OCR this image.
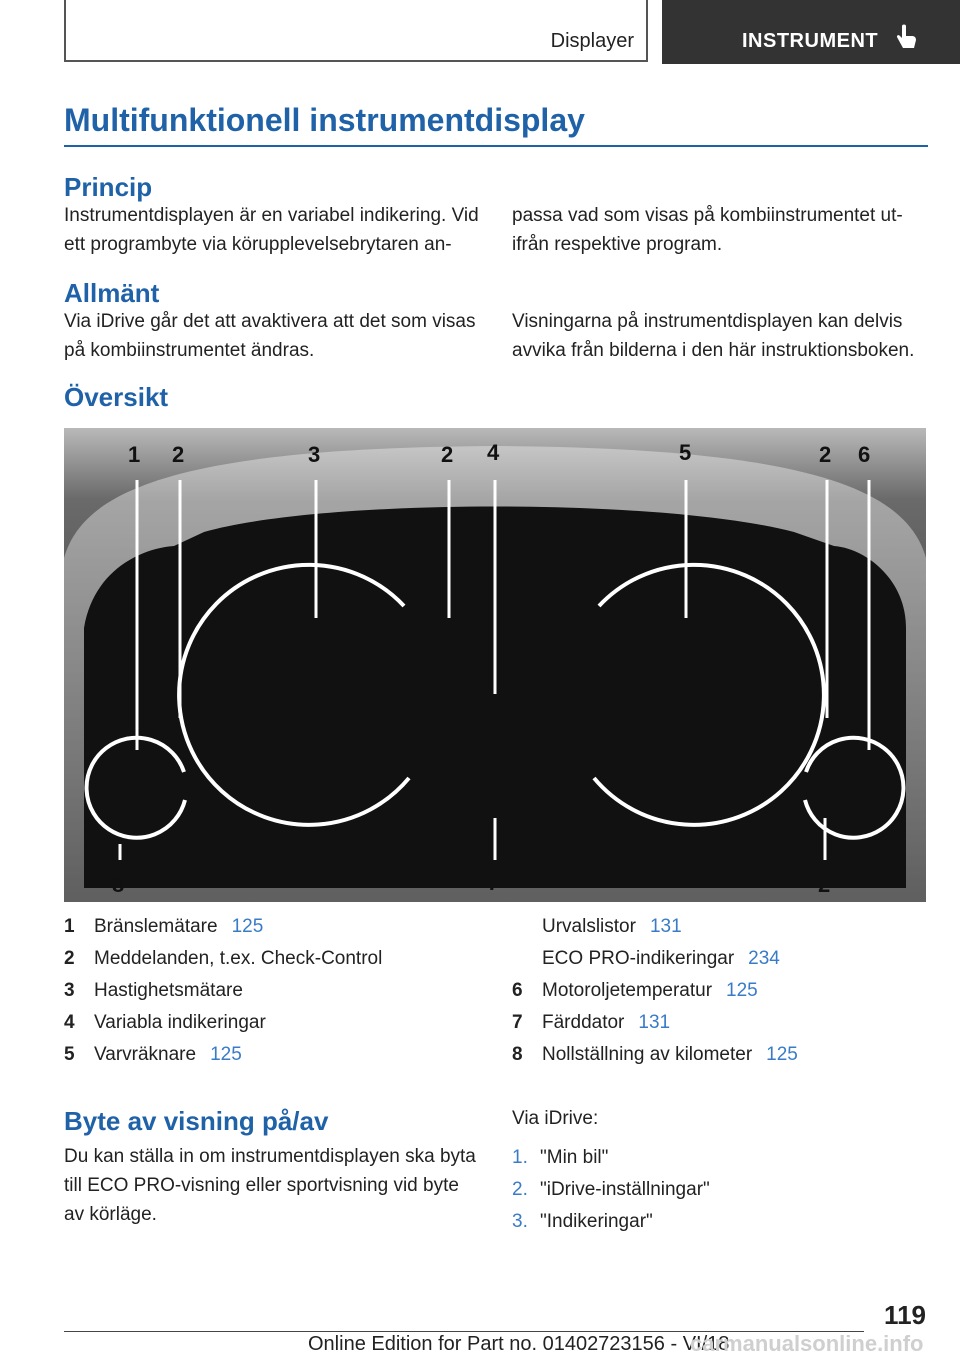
Displayer	INSTRUMENT
Multifunktionell instrumentdisplay
Princip

Instrumentdisplayen är en variabel indikering. Vid ett programbyte via körupplevelsebrytaren an-

passa vad som visas på kombiinstrumentet ut-ifrån respektive program.

Allmänt

Via iDrive går det att avaktivera att det som visas på kombiinstrumentet ändras.

Visningarna på instrumentdisplayen kan delvis avvika från bilderna i den här instruktionsboken.

Översikt
1 2	3	2 4	5	2 6
8	7	2
1	Bränslemätare 125
2	Meddelanden, t.ex. Check-Control
3	Hastighetsmätare
4	Variabla indikeringar
5	Varvräknare 125
Urvalslistor 131
ECO PRO-indikeringar 234
6	Motoroljetemperatur 125
7	Färddator 131
8	Nollställning av kilometer 125
Byte av visning på/av

Du kan ställa in om instrumentdisplayen ska byta till ECO PRO-visning eller sportvisning vid byte av körläge.

Via iDrive:

1. "Min bil"
2. "iDrive-inställningar"
3. "Indikeringar"
119
Online Edition for Part no. 01402723156 - VI/18
carmanualsonline.info
